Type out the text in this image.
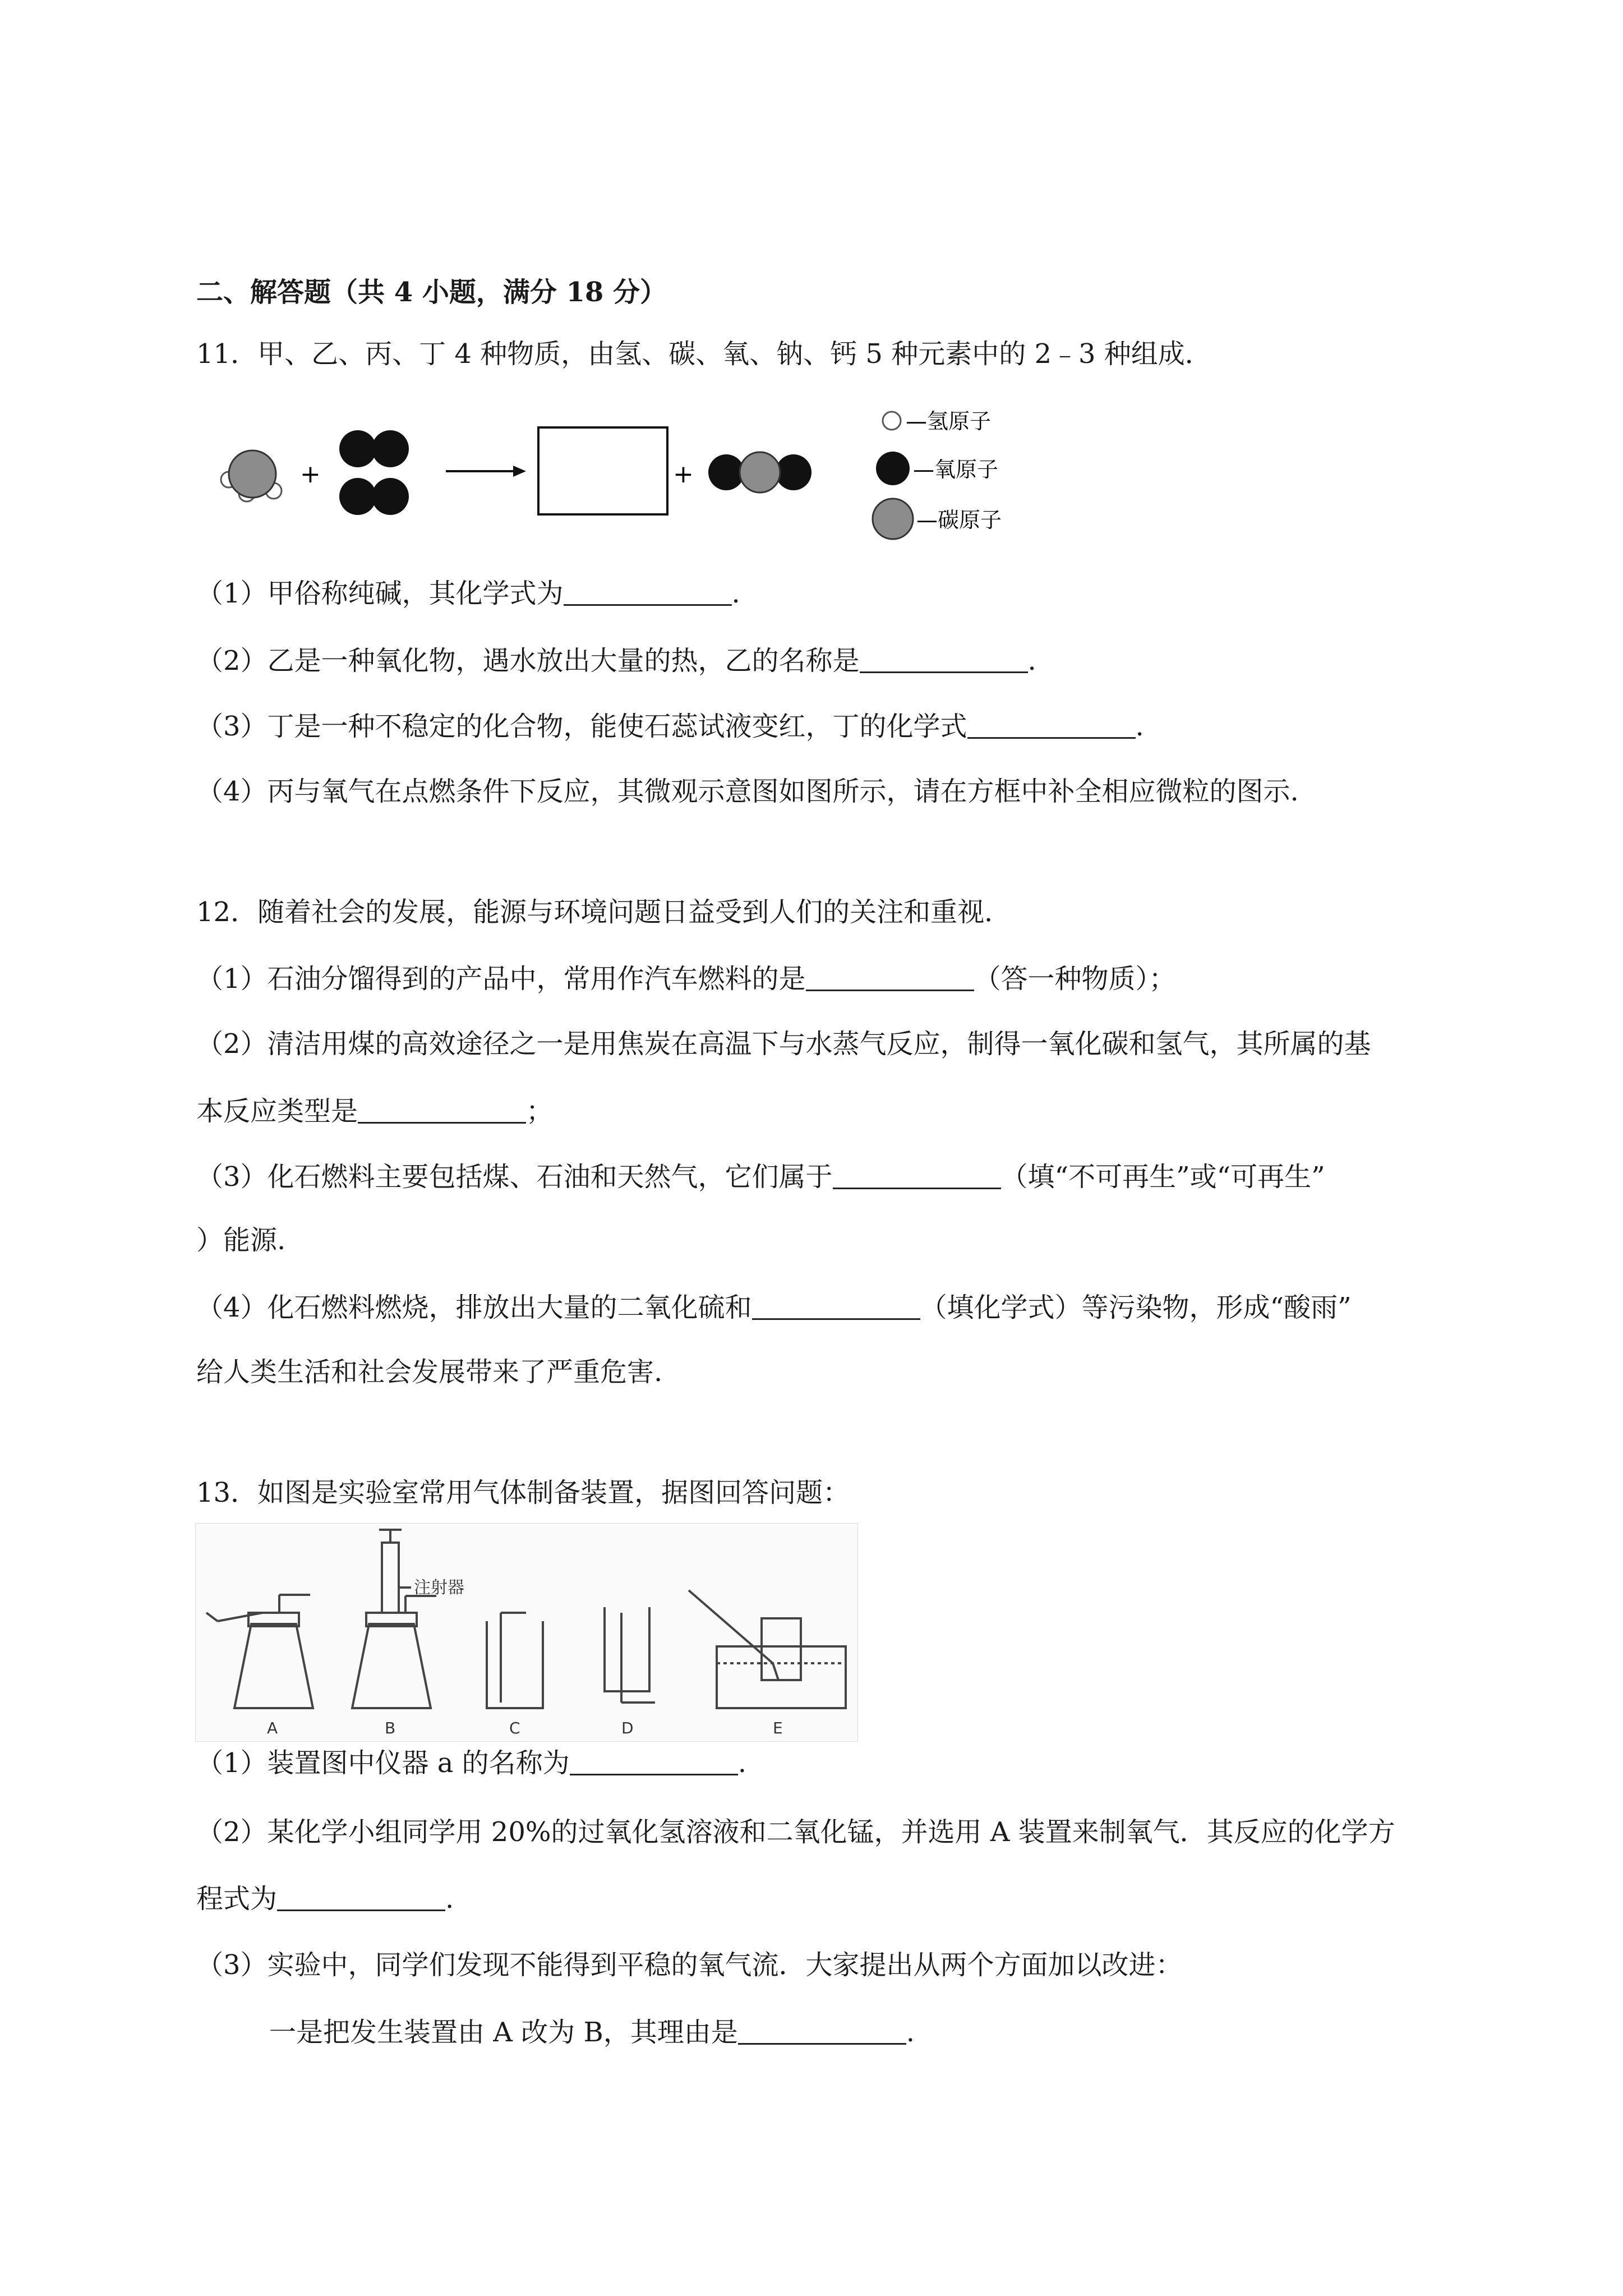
二、解答题（共 4 小题，满分 18 分）
11．甲、乙、丙、丁 4 种物质，由氢、碳、氧、钠、钙 5 种元素中的 2﹣3 种组成．
+	+
—氢原子
—氧原子
—碳原子
（1）甲俗称纯碱，其化学式为	.
（2）乙是一种氧化物，遇水放出大量的热，乙的名称是	.
（3）丁是一种不稳定的化合物，能使石蕊试液变红，丁的化学式	.
（4）丙与氧气在点燃条件下反应，其微观示意图如图所示，请在方框中补全相应微粒的图示.
12．随着社会的发展，能源与环境问题日益受到人们的关注和重视．
（1）石油分馏得到的产品中，常用作汽车燃料的是	（答一种物质）；
（2）清洁用煤的高效途径之一是用焦炭在高温下与水蒸气反应，制得一氧化碳和氢气，其所属的基
本反应类型是	；
（3）化石燃料主要包括煤、石油和天然气，它们属于	（填“不可再生”或“可再生”
）能源.
（4）化石燃料燃烧，排放出大量的二氧化硫和	（填化学式）等污染物，形成“酸雨”
给人类生活和社会发展带来了严重危害.
13．如图是实验室常用气体制备装置，据图回答问题：
A
注射器
B	C	D	E
（1）装置图中仪器 a 的名称为	.
（2）某化学小组同学用 20%的过氧化氢溶液和二氧化锰，并选用 A 装置来制氧气．其反应的化学方
程式为	.
（3）实验中，同学们发现不能得到平稳的氧气流．大家提出从两个方面加以改进：
一是把发生装置由 A 改为 B，其理由是	.
